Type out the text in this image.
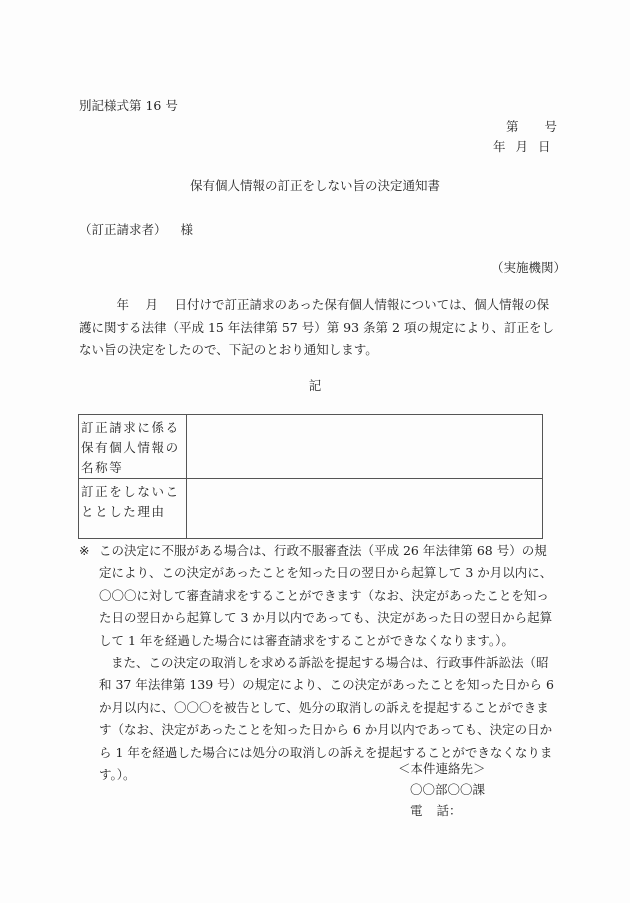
別記様式第 16 号
第 号
年 月 日
保有個人情報の訂正をしない旨の決定通知書
（訂正請求者） 様
（実施機関）

　　　年　 月　 日付けで訂正請求のあった保有個人情報については、個人情報の保護に関する法律（平成 15 年法律第 57 号）第 93 条第 2 項の規定により、訂正をしない旨の決定をしたので、下記のとおり通知します。

記
訂正請求に係る保有個人情報の名称等	
訂正をしないこととした理由	
※ この決定に不服がある場合は、行政不服審査法（平成 26 年法律第 68 号）の規定により、この決定があったことを知った日の翌日から起算して 3 か月以内に、〇〇〇に対して審査請求をすることができます（なお、決定があったことを知った日の翌日から起算して 3 か月以内であっても、決定があった日の翌日から起算して 1 年を経過した場合には審査請求をすることができなくなります。）。
また、この決定の取消しを求める訴訟を提起する場合は、行政事件訴訟法（昭和 37 年法律第 139 号）の規定により、この決定があったことを知った日から 6 か月以内に、〇〇〇を被告として、処分の取消しの訴えを提起することができます（なお、決定があったことを知った日から 6 か月以内であっても、決定の日から 1 年を経過した場合には処分の取消しの訴えを提起することができなくなります。）。	＜本件連絡先＞
〇〇部〇〇課
電 話：
